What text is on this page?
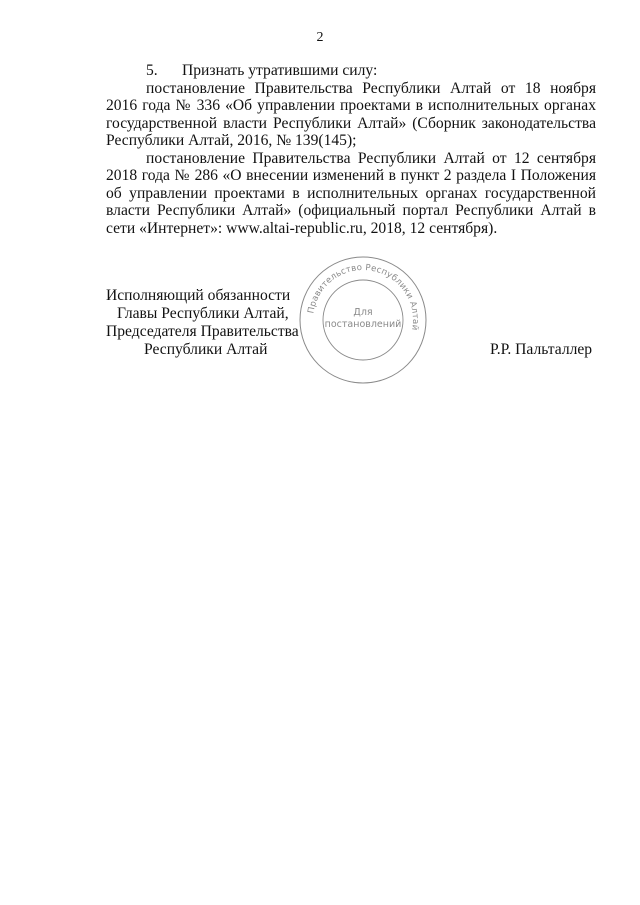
2

5. Признать утратившими силу:

постановление Правительства Республики Алтай от 18 ноября 2016 года № 336 «Об управлении проектами в исполнительных органах государственной власти Республики Алтай» (Сборник законодательства Республики Алтай, 2016, № 139(145);

постановление Правительства Республики Алтай от 12 сентября 2018 года № 286 «О внесении изменений в пункт 2 раздела I Положения об управлении проектами в исполнительных органах государственной власти Республики Алтай» (официальный портал Республики Алтай в сети «Интернет»: www.altai-republic.ru, 2018, 12 сентября).

Исполняющий обязанности
Главы Республики Алтай,
Председателя Правительства
Республики Алтай
Правительство Республики Алтай
Для
постановлений
Р.Р. Пальталлер
